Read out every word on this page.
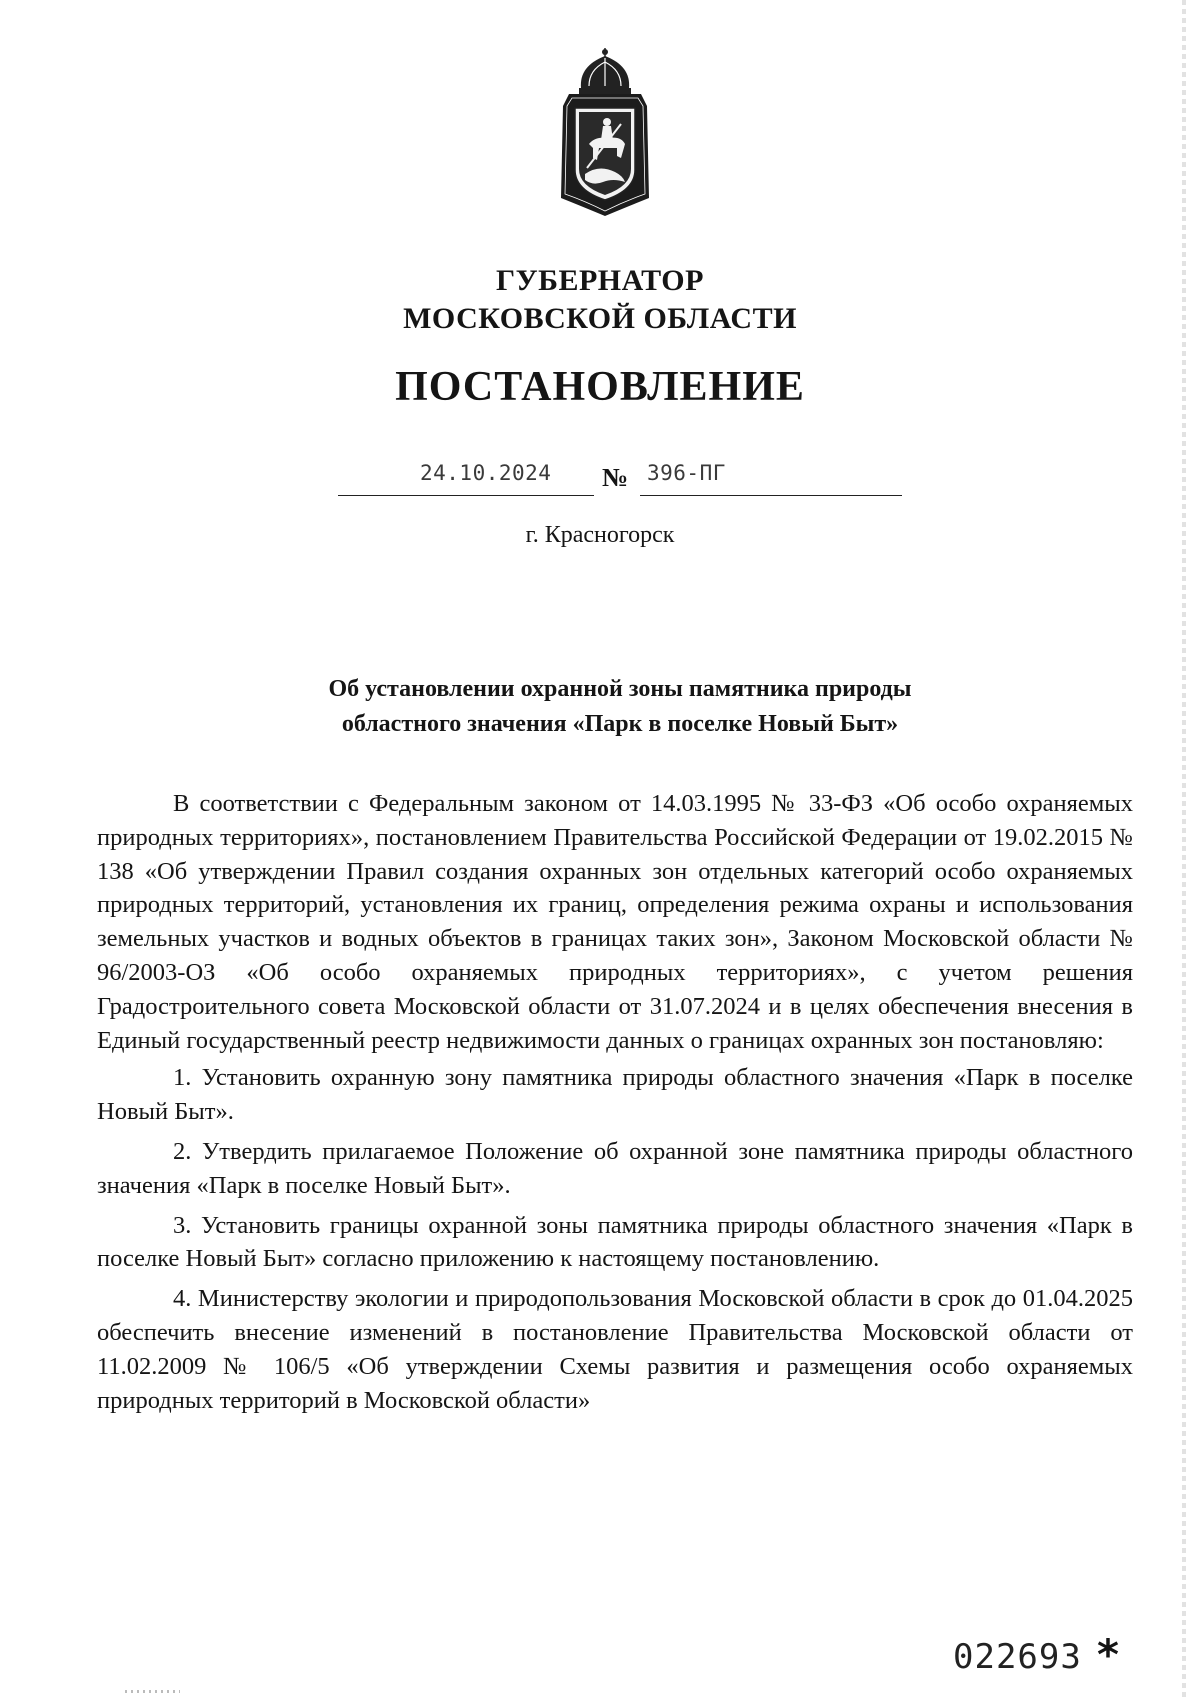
ГУБЕРНАТОР
МОСКОВСКОЙ ОБЛАСТИ
ПОСТАНОВЛЕНИЕ
24.10.2024 № 396-ПГ
г. Красногорск
Об установлении охранной зоны памятника природы
областного значения «Парк в поселке Новый Быт»

В соответствии с Федеральным законом от 14.03.1995 № 33-ФЗ «Об особо охраняемых природных территориях», постановлением Правительства Российской Федерации от 19.02.2015 № 138 «Об утверждении Правил создания охранных зон отдельных категорий особо охраняемых природных территорий, установления их границ, определения режима охраны и использования земельных участков и водных объектов в границах таких зон», Законом Московской области № 96/2003-ОЗ «Об особо охраняемых природных территориях», с учетом решения Градостроительного совета Московской области от 31.07.2024 и в целях обеспечения внесения в Единый государственный реестр недвижимости данных о границах охранных зон постановляю:

1. Установить охранную зону памятника природы областного значения «Парк в поселке Новый Быт».

2. Утвердить прилагаемое Положение об охранной зоне памятника природы областного значения «Парк в поселке Новый Быт».

3. Установить границы охранной зоны памятника природы областного значения «Парк в поселке Новый Быт» согласно приложению к настоящему постановлению.

4. Министерству экологии и природопользования Московской области в срок до 01.04.2025 обеспечить внесение изменений в постановление Правительства Московской области от 11.02.2009 № 106/5 «Об утверждении Схемы развития и размещения особо охраняемых природных территорий в Московской области»

022693 *
